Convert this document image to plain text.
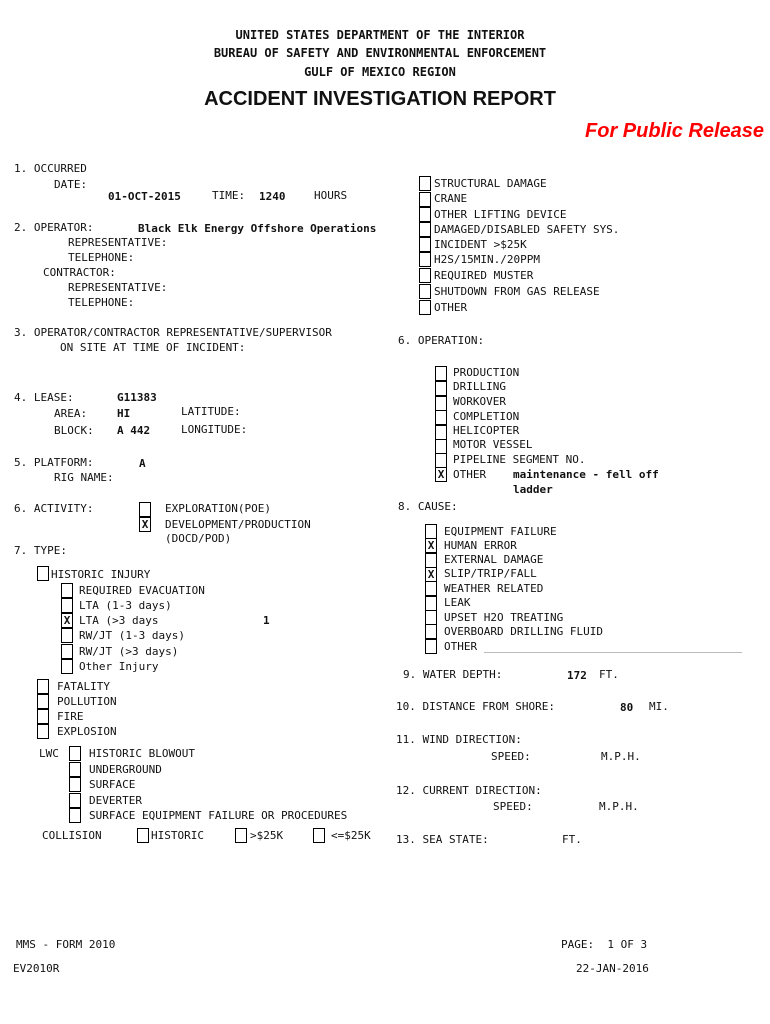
UNITED STATES DEPARTMENT OF THE INTERIOR
BUREAU OF SAFETY AND ENVIRONMENTAL ENFORCEMENT
GULF OF MEXICO REGION
ACCIDENT INVESTIGATION REPORT
For Public Release
1. OCCURRED
DATE:
01-OCT-2015	TIME: 1240	HOURS
2. OPERATOR:	Black Elk Energy Offshore Operations
REPRESENTATIVE:
TELEPHONE:
CONTRACTOR:
REPRESENTATIVE:
TELEPHONE:
STRUCTURAL DAMAGE
CRANE
OTHER LIFTING DEVICE
DAMAGED/DISABLED SAFETY SYS.
INCIDENT >$25K
H2S/15MIN./20PPM
REQUIRED MUSTER
SHUTDOWN FROM GAS RELEASE
OTHER
3. OPERATOR/CONTRACTOR REPRESENTATIVE/SUPERVISOR
ON SITE AT TIME OF INCIDENT:
6. OPERATION:
PRODUCTION
DRILLING
WORKOVER
COMPLETION
HELICOPTER
MOTOR VESSEL
PIPELINE SEGMENT NO.
X OTHER maintenance - fell off
ladder
4. LEASE:	G11383
AREA:	HI	LATITUDE:
BLOCK: A 442	LONGITUDE:
5. PLATFORM:	A
RIG NAME:
6. ACTIVITY:	EXPLORATION(POE)
X DEVELOPMENT/PRODUCTION
(DOCD/POD)
8. CAUSE:
EQUIPMENT FAILURE
X HUMAN ERROR
EXTERNAL DAMAGE
X SLIP/TRIP/FALL
WEATHER RELATED
LEAK
UPSET H2O TREATING
OVERBOARD DRILLING FLUID
OTHER
7. TYPE:
HISTORIC INJURY
REQUIRED EVACUATION
LTA (1-3 days)
X LTA (>3 days	1
RW/JT (1-3 days)
RW/JT (>3 days)
Other Injury
FATALITY
POLLUTION
FIRE
EXPLOSION
LWC	HISTORIC BLOWOUT
UNDERGROUND
SURFACE
DEVERTER
SURFACE EQUIPMENT FAILURE OR PROCEDURES
COLLISION	HISTORIC	>$25K	<=$25K
9. WATER DEPTH:	172 FT.
10. DISTANCE FROM SHORE:	80 MI.
11. WIND DIRECTION:
SPEED:	M.P.H.
12. CURRENT DIRECTION:
SPEED:	M.P.H.
13. SEA STATE:	FT.
MMS - FORM 2010
EV2010R
PAGE:  1 OF 3
22-JAN-2016
